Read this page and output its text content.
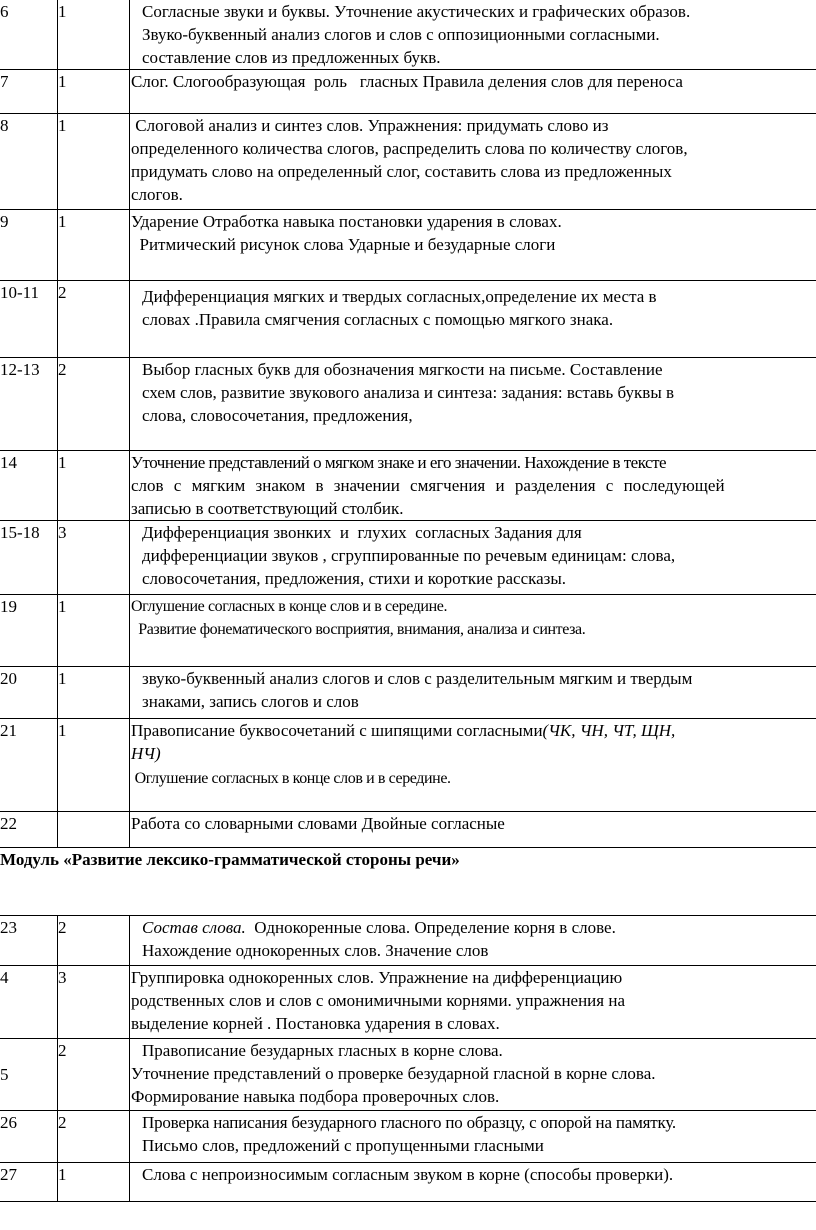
6	1	Согласные звуки и буквы. Уточнение акустических и графических образов.
Звуко-буквенный анализ слогов и слов с оппозиционными согласными.
составление слов из предложенных букв.

7	1	Слог. Слогообразующая  роль   гласных Правила деления слов для переноса

8	1	Слоговой анализ и синтез слов. Упражнения: придумать слово из
определенного количества слогов, распределить слова по количеству слогов,
придумать слово на определенный слог, составить слова из предложенных
слогов.

9	1	Ударение Отработка навыка постановки ударения в словах.
Ритмический рисунок слова Ударные и безударные слоги

10-11	2	Дифференциация мягких и твердых согласных,определение их места в
словах .Правила смягчения согласных с помощью мягкого знака.

12-13	2	Выбор гласных букв для обозначения мягкости на письме. Составление
схем слов, развитие звукового анализа и синтеза: задания: вставь буквы в
слова, словосочетания, предложения,

14	1	Уточнение представлений о мягком знаке и его значении. Нахождение в тексте
слов с мягким знаком в значении смягчения и разделения с последующей
записью в соответствующий столбик.

15-18	3	Дифференциация звонких  и  глухих  согласных Задания для
дифференциации звуков , сгруппированные по речевым единицам: слова,
словосочетания, предложения, стихи и короткие рассказы.

19	1	Оглушение согласных в конце слов и в середине.
Развитие фонематического восприятия, внимания, анализа и синтеза.

20	1	звуко-буквенный анализ слогов и слов с разделительным мягким и твердым
знаками, запись слогов и слов

21	1	Правописание буквосочетаний с шипящими согласными(ЧК, ЧН, ЧТ, ЩН,
НЧ)
Оглушение согласных в конце слов и в середине.

22		Работа со словарными словами Двойные согласные

Модуль «Развитие лексико-грамматической стороны речи»		
23	2	Состав слова.  Однокоренные слова. Определение корня в слове.
Нахождение однокоренных слов. Значение слов

4	3	Группировка однокоренных слов. Упражнение на дифференциацию
родственных слов и слов с омонимичными корнями. упражнения на
выделение корней . Постановка ударения в словах.

5	2	Правописание безударных гласных в корне слова.
Уточнение представлений о проверке безударной гласной в корне слова.
Формирование навыка подбора проверочных слов.

26	2	Проверка написания безударного гласного по образцу, с опорой на памятку.
Письмо слов, предложений с пропущенными гласными

27	1	Слова с непроизносимым согласным звуком в корне (способы проверки).
